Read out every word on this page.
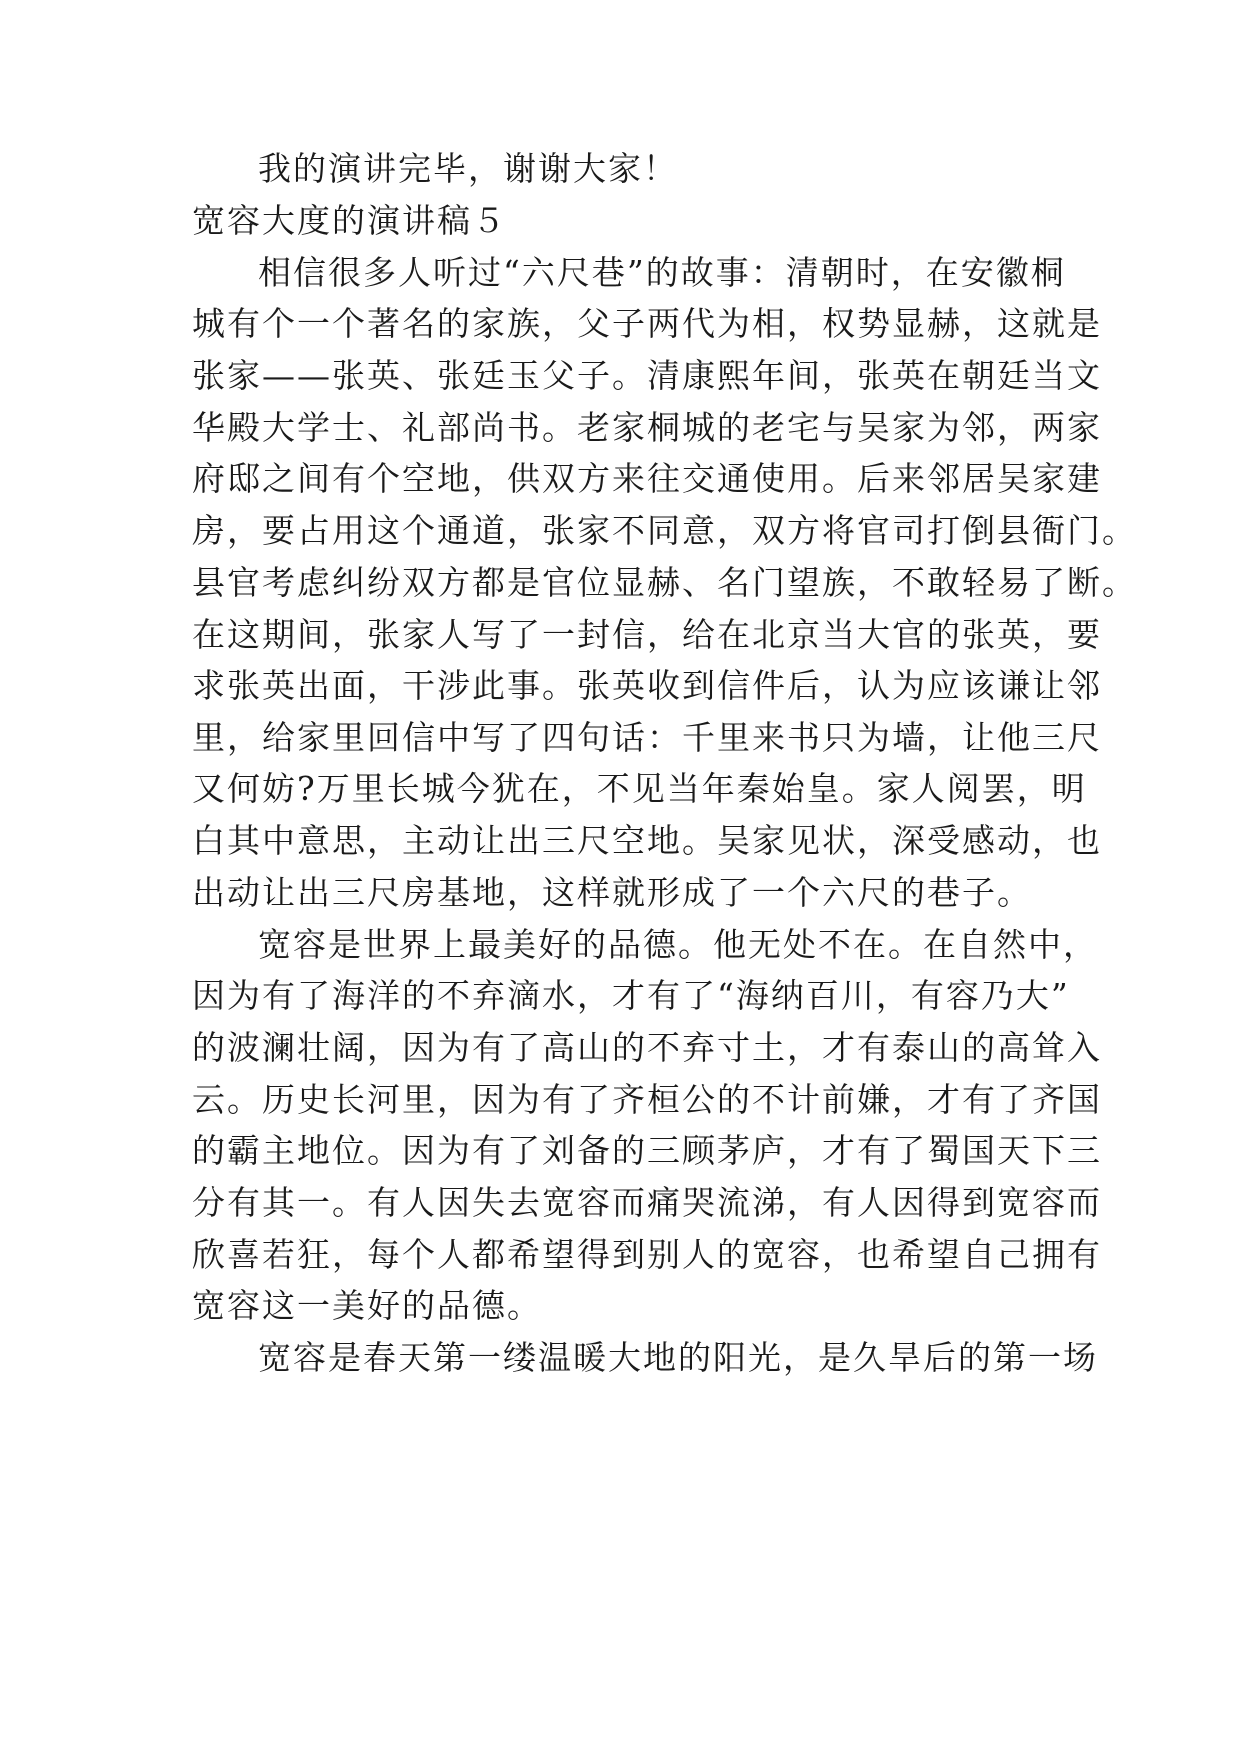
我的演讲完毕，谢谢大家！
宽容大度的演讲稿５
相信很多人听过“六尺巷”的故事：清朝时，在安徽桐
城有个一个著名的家族，父子两代为相，权势显赫，这就是
张家——张英、张廷玉父子。清康熙年间，张英在朝廷当文
华殿大学士、礼部尚书。老家桐城的老宅与吴家为邻，两家
府邸之间有个空地，供双方来往交通使用。后来邻居吴家建
房，要占用这个通道，张家不同意，双方将官司打倒县衙门。
县官考虑纠纷双方都是官位显赫、名门望族，不敢轻易了断。
在这期间，张家人写了一封信，给在北京当大官的张英，要
求张英出面，干涉此事。张英收到信件后，认为应该谦让邻
里，给家里回信中写了四句话：千里来书只为墙，让他三尺
又何妨?万里长城今犹在，不见当年秦始皇。家人阅罢，明
白其中意思，主动让出三尺空地。吴家见状，深受感动，也
出动让出三尺房基地，这样就形成了一个六尺的巷子。
宽容是世界上最美好的品德。他无处不在。在自然中，
因为有了海洋的不弃滴水，才有了“海纳百川，有容乃大”
的波澜壮阔，因为有了高山的不弃寸土，才有泰山的高耸入
云。历史长河里，因为有了齐桓公的不计前嫌，才有了齐国
的霸主地位。因为有了刘备的三顾茅庐，才有了蜀国天下三
分有其一。有人因失去宽容而痛哭流涕，有人因得到宽容而
欣喜若狂，每个人都希望得到别人的宽容，也希望自己拥有
宽容这一美好的品德。
宽容是春天第一缕温暖大地的阳光，是久旱后的第一场
